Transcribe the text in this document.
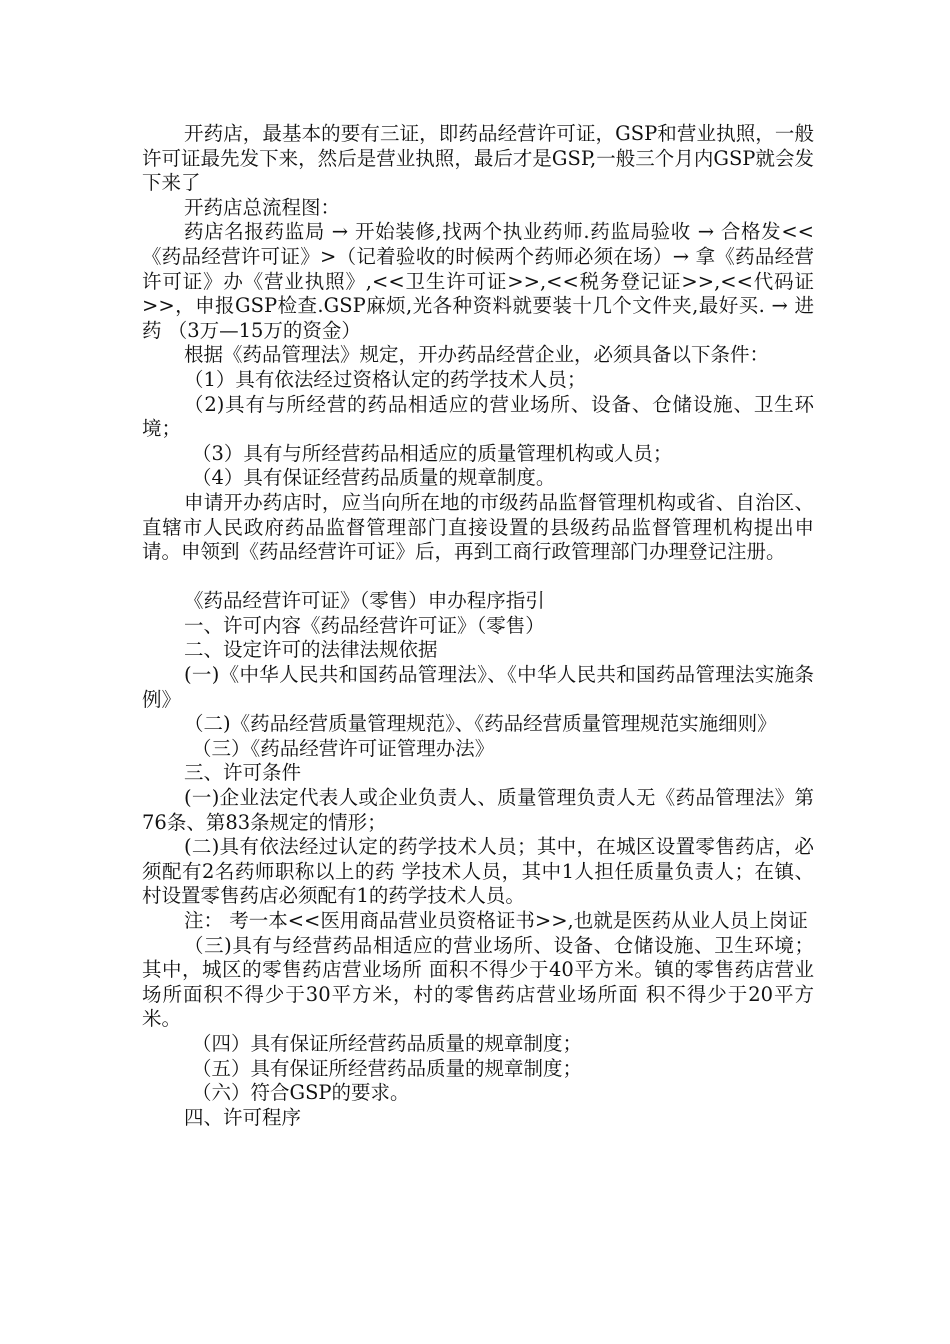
开药店，最基本的要有三证，即药品经营许可证，GSP和营业执照，一般许可证最先发下来，然后是营业执照，最后才是GSP,一般三个月内GSP就会发下来了

开药店总流程图：

药店名报药监局 → 开始装修,找两个执业药师.药监局验收 → 合格发<<《药品经营许可证》>（记着验收的时候两个药师必须在场）→ 拿《药品经营许可证》办《营业执照》,<<卫生许可证>>,<<税务登记证>>,<<代码证>>，申报GSP检查.GSP麻烦,光各种资料就要装十几个文件夹,最好买. → 进药 （3万—15万的资金）

根据《药品管理法》规定，开办药品经营企业，必须具备以下条件：

（1）具有依法经过资格认定的药学技术人员；

（2)具有与所经营的药品相适应的营业场所、设备、仓储设施、卫生环境；

（3）具有与所经营药品相适应的质量管理机构或人员；

（4）具有保证经营药品质量的规章制度。

申请开办药店时，应当向所在地的市级药品监督管理机构或省、自治区、直辖市人民政府药品监督管理部门直接设置的县级药品监督管理机构提出申请。申领到《药品经营许可证》后，再到工商行政管理部门办理登记注册。

《药品经营许可证》（零售）申办程序指引

一、许可内容《药品经营许可证》（零售）

二、设定许可的法律法规依据

(一)《中华人民共和国药品管理法》、《中华人民共和国药品管理法实施条例》

（二)《药品经营质量管理规范》、《药品经营质量管理规范实施细则》

（三）《药品经营许可证管理办法》

三、许可条件

(一)企业法定代表人或企业负责人、质量管理负责人无《药品管理法》第76条、第83条规定的情形；

(二)具有依法经过认定的药学技术人员；其中，在城区设置零售药店，必须配有2名药师职称以上的药 学技术人员，其中1人担任质量负责人；在镇、村设置零售药店必须配有1的药学技术人员。

注： 考一本<<医用商品营业员资格证书>>,也就是医药从业人员上岗证

（三)具有与经营药品相适应的营业场所、设备、仓储设施、卫生环境；其中，城区的零售药店营业场所 面积不得少于40平方米。镇的零售药店营业场所面积不得少于30平方米，村的零售药店营业场所面 积不得少于20平方米。

（四）具有保证所经营药品质量的规章制度；

（五）具有保证所经营药品质量的规章制度；

（六）符合GSP的要求。

四、许可程序
